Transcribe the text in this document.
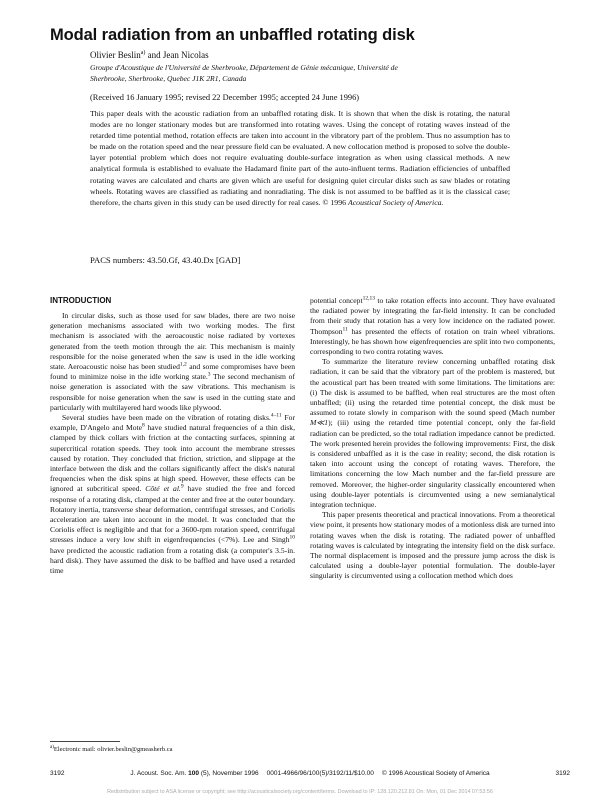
Modal radiation from an unbaffled rotating disk
Olivier Beslin$^{a)}$ and Jean Nicolas
Groupe d'Acoustique de l'Université de Sherbrooke, Département de Génie mécanique, Université de
Sherbrooke, Sherbrooke, Quebec J1K 2R1, Canada
(Received 16 January 1995; revised 22 December 1995; accepted 24 June 1996)
This paper deals with the acoustic radiation from an unbaffled rotating disk. It is shown that when the disk is rotating, the natural modes are no longer stationary modes but are transformed into rotating waves. Using the concept of rotating waves instead of the retarded time potential method, rotation effects are taken into account in the vibratory part of the problem. Thus no assumption has to be made on the rotation speed and the near pressure field can be evaluated. A new collocation method is proposed to solve the double-layer potential problem which does not require evaluating double-surface integration as when using classical methods. A new analytical formula is established to evaluate the Hadamard finite part of the auto-influent terms. Radiation efficiencies of unbaffled rotating waves are calculated and charts are given which are useful for designing quiet circular disks such as saw blades or rotating wheels. Rotating waves are classified as radiating and nonradiating. The disk is not assumed to be baffled as it is the classical case; therefore, the charts given in this study can be used directly for real cases. © 1996 Acoustical Society of America.
PACS numbers: 43.50.Gf, 43.40.Dx [GAD]
INTRODUCTION

In circular disks, such as those used for saw blades, there are two noise generation mechanisms associated with two working modes. The first mechanism is associated with the aeroacoustic noise radiated by vortexes generated from the teeth motion through the air. This mechanism is mainly responsible for the noise generated when the saw is used in the idle working state. Aeroacoustic noise has been studied$^{1,2}$ and some compromises have been found to minimize noise in the idle working state.$^3$ The second mechanism of noise generation is associated with the saw vibrations. This mechanism is responsible for noise generation when the saw is used in the cutting state and particularly with multilayered hard woods like plywood.

Several studies have been made on the vibration of rotating disks.$^{4-11}$ For example, D'Angelo and Mote$^8$ have studied natural frequencies of a thin disk, clamped by thick collars with friction at the contacting surfaces, spinning at supercritical rotation speeds. They took into account the membrane stresses caused by rotation. They concluded that friction, striction, and slippage at the interface between the disk and the collars significantly affect the disk's natural frequencies when the disk spins at high speed. However, these effects can be ignored at subcritical speed. Côté et al.$^9$ have studied the free and forced response of a rotating disk, clamped at the center and free at the outer boundary. Rotatory inertia, transverse shear deformation, centrifugal stresses, and Coriolis acceleration are taken into account in the model. It was concluded that the Coriolis effect is negligible and that for a 3600-rpm rotation speed, centrifugal stresses induce a very low shift in eigenfrequencies (<7%). Lee and Singh$^{10}$ have predicted the acoustic radiation from a rotating disk (a computer's 3.5-in. hard disk). They have assumed the disk to be baffled and have used a retarded time

potential concept$^{12,13}$ to take rotation effects into account. They have evaluated the radiated power by integrating the far-field intensity. It can be concluded from their study that rotation has a very low incidence on the radiated power. Thompson$^{11}$ has presented the effects of rotation on train wheel vibrations. Interestingly, he has shown how eigenfrequencies are split into two components, corresponding to two contra rotating waves.

To summarize the literature review concerning unbaffled rotating disk radiation, it can be said that the vibratory part of the problem is mastered, but the acoustical part has been treated with some limitations. The limitations are: (i) The disk is assumed to be baffled, when real structures are the most often unbaffled; (ii) using the retarded time potential concept, the disk must be assumed to rotate slowly in comparison with the sound speed (Mach number M≪1); (iii) using the retarded time potential concept, only the far-field radiation can be predicted, so the total radiation impedance cannot be predicted. The work presented herein provides the following improvements: First, the disk is considered unbaffled as it is the case in reality; second, the disk rotation is taken into account using the concept of rotating waves. Therefore, the limitations concerning the low Mach number and the far-field pressure are removed. Moreover, the higher-order singularity classically encountered when using double-layer potentials is circumvented using a new semianalytical integration technique.

This paper presents theoretical and practical innovations. From a theoretical view point, it presents how stationary modes of a motionless disk are turned into rotating waves when the disk is rotating. The radiated power of unbaffled rotating waves is calculated by integrating the intensity field on the disk surface. The normal displacement is imposed and the pressure jump across the disk is calculated using a double-layer potential formulation. The double-layer singularity is circumvented using a collocation method which does

$^{a)}$Electronic mail: olivier.beslin@gmeasherb.ca
3192	J. Acoust. Soc. Am. 100 (5), November 1996 0001-4966/96/100(5)/3192/11/$10.00 © 1996 Acoustical Society of America	3192
Redistribution subject to ASA license or copyright; see http://acousticalsociety.org/content/terms. Download to IP: 128.120.212.81 On: Mon, 01 Dec 2014 07:53:56
